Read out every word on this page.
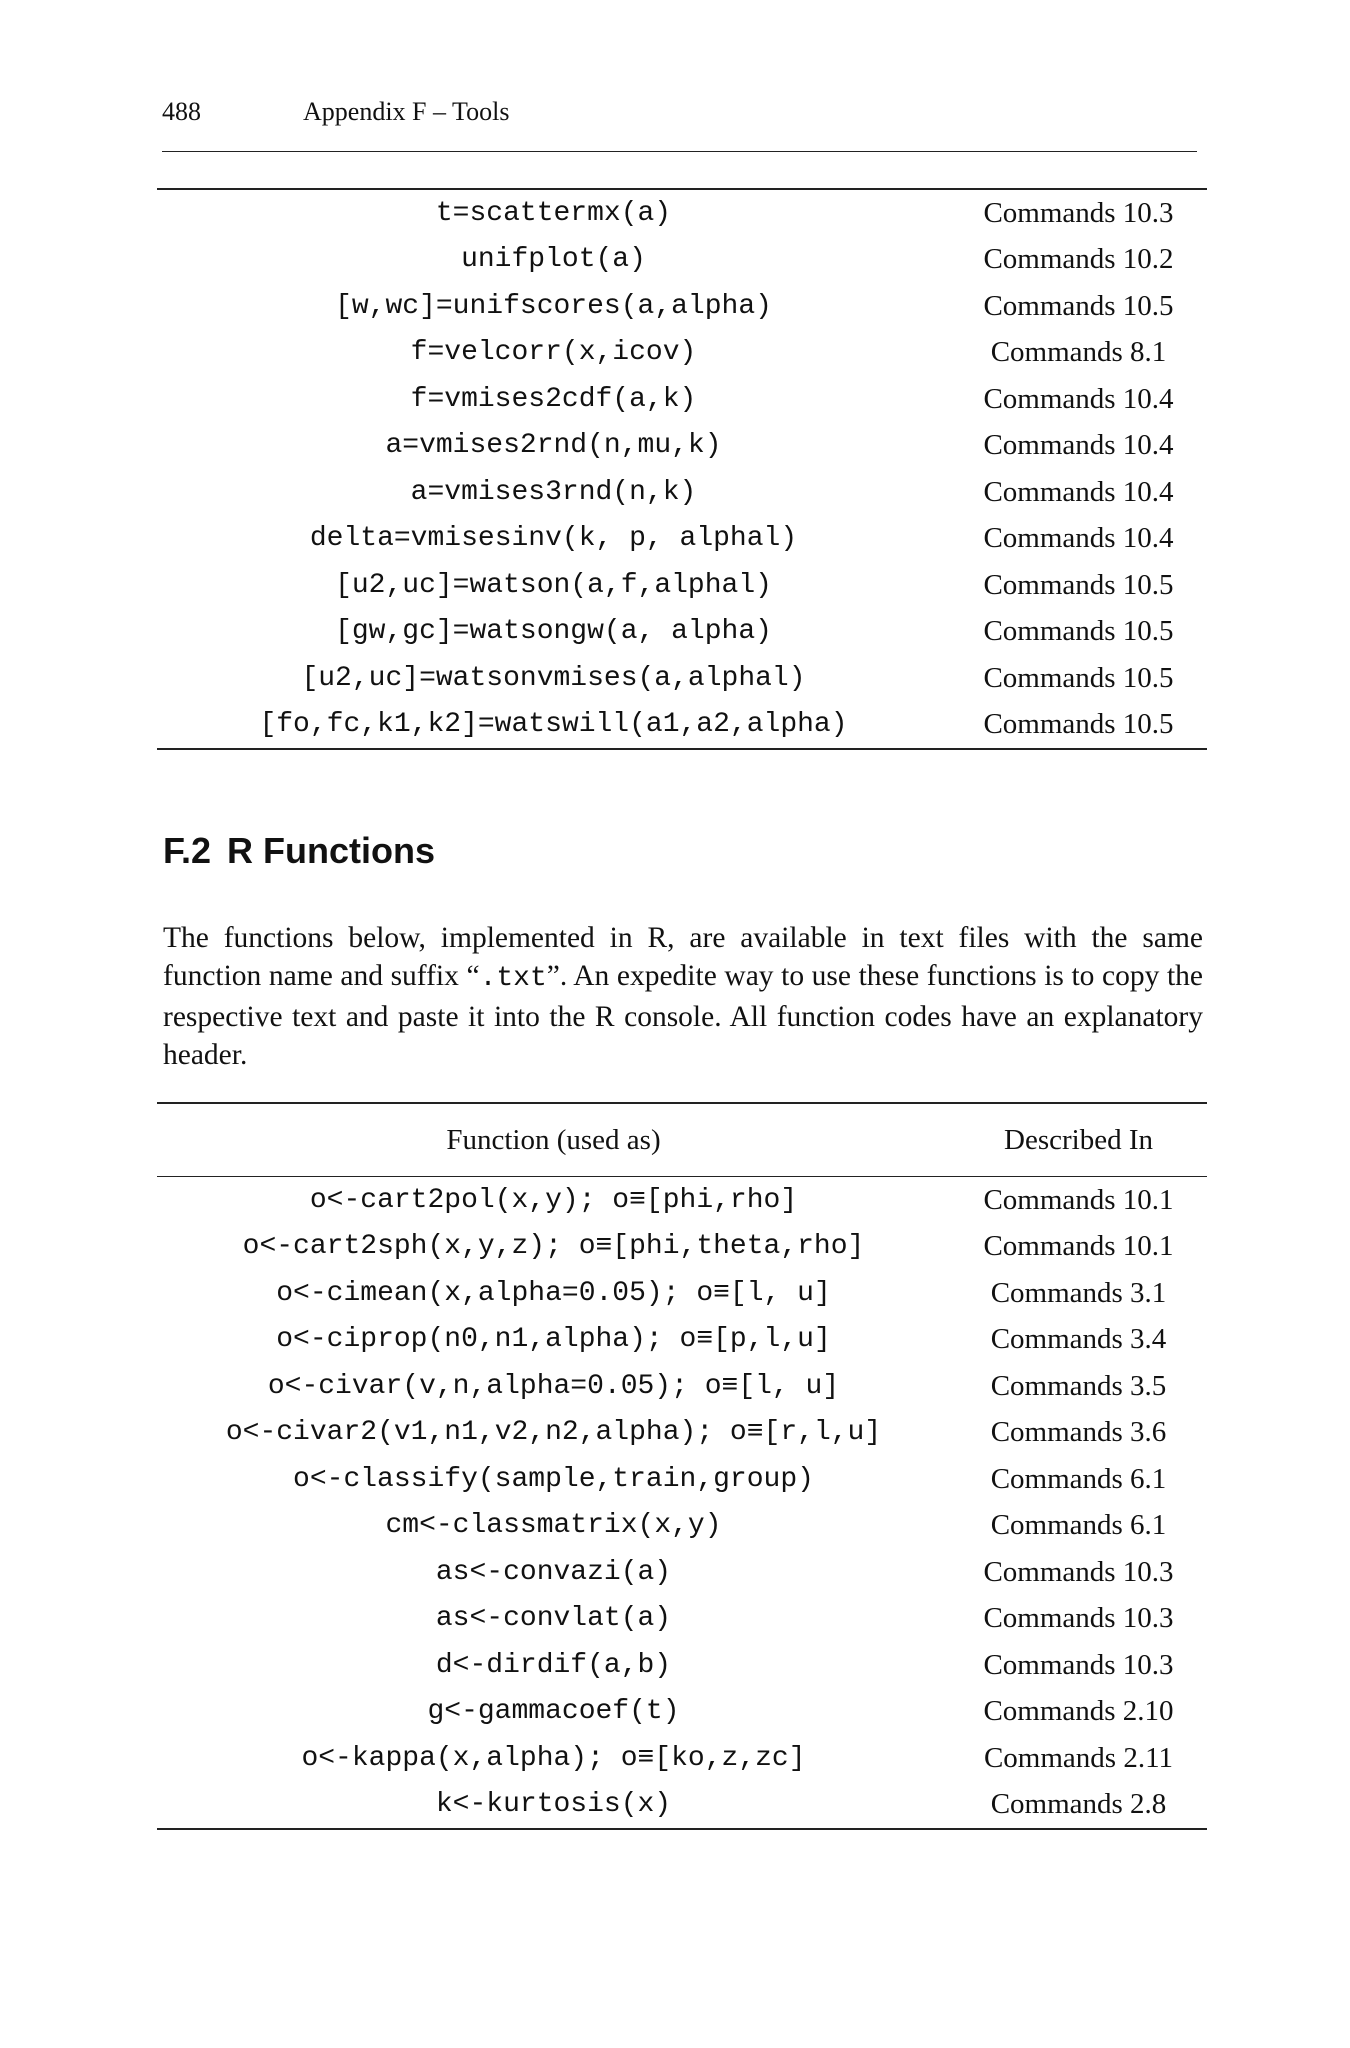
488	Appendix F – Tools
t=scattermx(a)	Commands 10.3
unifplot(a)	Commands 10.2
[w,wc]=unifscores(a,alpha)	Commands 10.5
f=velcorr(x,icov)	Commands 8.1
f=vmises2cdf(a,k)	Commands 10.4
a=vmises2rnd(n,mu,k)	Commands 10.4
a=vmises3rnd(n,k)	Commands 10.4
delta=vmisesinv(k, p, alphal)	Commands 10.4
[u2,uc]=watson(a,f,alphal)	Commands 10.5
[gw,gc]=watsongw(a, alpha)	Commands 10.5
[u2,uc]=watsonvmises(a,alphal)	Commands 10.5
[fo,fc,k1,k2]=watswill(a1,a2,alpha)	Commands 10.5
F.2 R Functions
The functions below, implemented in R, are available in text files with the same function name and suffix “.txt”. An expedite way to use these functions is to copy the respective text and paste it into the R console. All function codes have an explanatory header.
Function (used as)	Described In
o<-cart2pol(x,y); o≡[phi,rho]	Commands 10.1
o<-cart2sph(x,y,z); o≡[phi,theta,rho]	Commands 10.1
o<-cimean(x,alpha=0.05); o≡[l, u]	Commands 3.1
o<-ciprop(n0,n1,alpha); o≡[p,l,u]	Commands 3.4
o<-civar(v,n,alpha=0.05); o≡[l, u]	Commands 3.5
o<-civar2(v1,n1,v2,n2,alpha); o≡[r,l,u]	Commands 3.6
o<-classify(sample,train,group)	Commands 6.1
cm<-classmatrix(x,y)	Commands 6.1
as<-convazi(a)	Commands 10.3
as<-convlat(a)	Commands 10.3
d<-dirdif(a,b)	Commands 10.3
g<-gammacoef(t)	Commands 2.10
o<-kappa(x,alpha); o≡[ko,z,zc]	Commands 2.11
k<-kurtosis(x)	Commands 2.8
